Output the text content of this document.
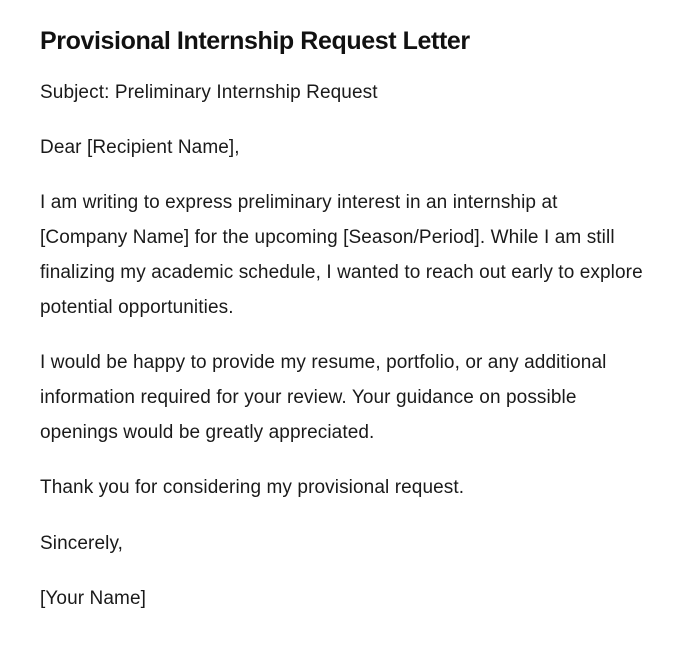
Provisional Internship Request Letter

Subject: Preliminary Internship Request

Dear [Recipient Name],

I am writing to express preliminary interest in an internship at [Company Name] for the upcoming [Season/Period]. While I am still finalizing my academic schedule, I wanted to reach out early to explore potential opportunities.

I would be happy to provide my resume, portfolio, or any additional information required for your review. Your guidance on possible openings would be greatly appreciated.

Thank you for considering my provisional request.

Sincerely,

[Your Name]
